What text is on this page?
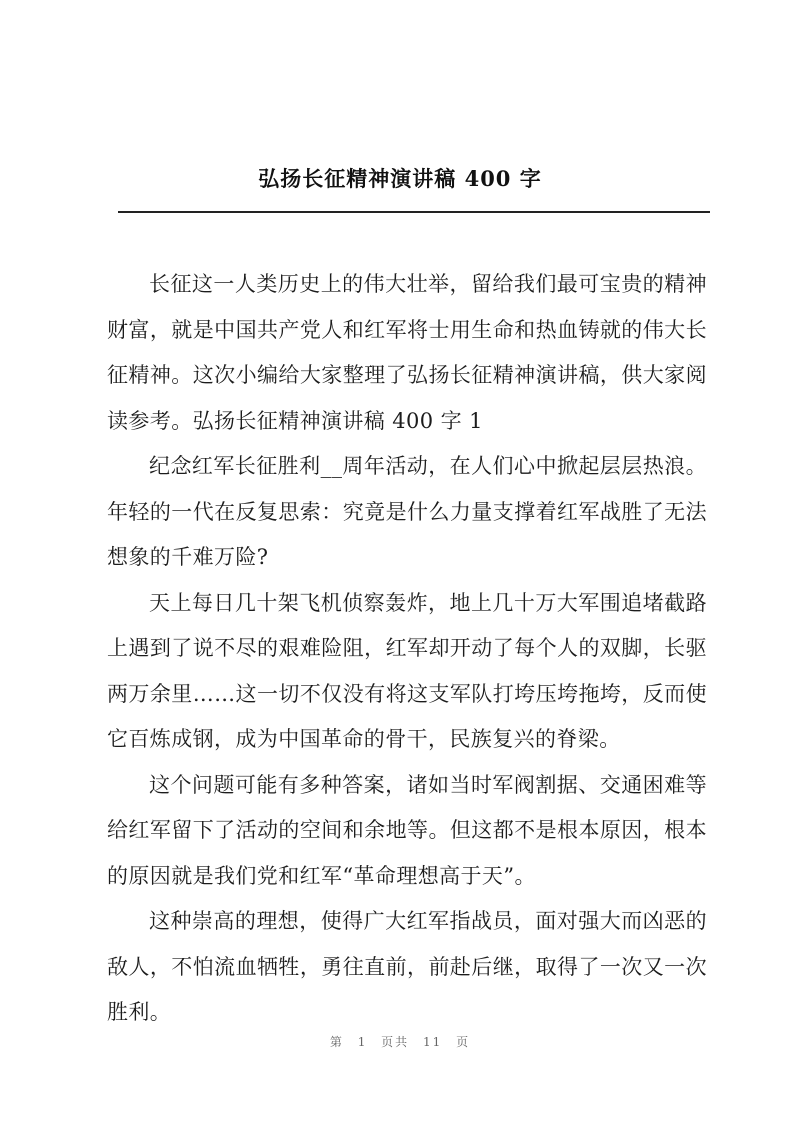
弘扬长征精神演讲稿 400 字

长征这一人类历史上的伟大壮举，留给我们最可宝贵的精神财富，就是中国共产党人和红军将士用生命和热血铸就的伟大长征精神。这次小编给大家整理了弘扬长征精神演讲稿，供大家阅读参考。弘扬长征精神演讲稿 400 字 1

纪念红军长征胜利__周年活动，在人们心中掀起层层热浪。年轻的一代在反复思索：究竟是什么力量支撑着红军战胜了无法想象的千难万险?

天上每日几十架飞机侦察轰炸，地上几十万大军围追堵截路上遇到了说不尽的艰难险阻，红军却开动了每个人的双脚，长驱两万余里……这一切不仅没有将这支军队打垮压垮拖垮，反而使它百炼成钢，成为中国革命的骨干，民族复兴的脊梁。

这个问题可能有多种答案，诸如当时军阀割据、交通困难等给红军留下了活动的空间和余地等。但这都不是根本原因，根本的原因就是我们党和红军“革命理想高于天”。

这种崇高的理想，使得广大红军指战员，面对强大而凶恶的敌人，不怕流血牺牲，勇往直前，前赴后继，取得了一次又一次胜利。

第 1 页共 11 页
